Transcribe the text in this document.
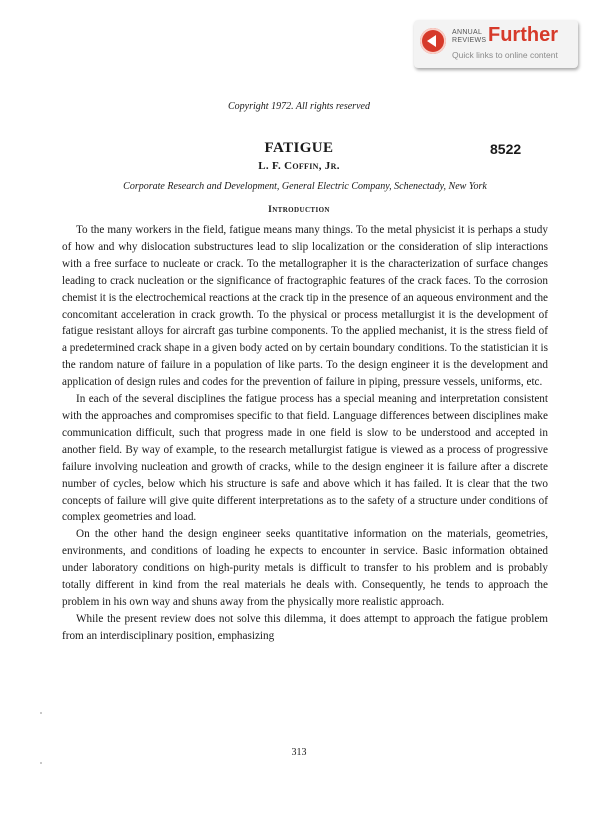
ANNUAL
REVIEWS Further
Quick links to online content
Copyright 1972. All rights reserved
FATIGUE	8522
L. F. Coffin, Jr.
Corporate Research and Development, General Electric Company, Schenectady, New York
Introduction

To the many workers in the field, fatigue means many things. To the metal physicist it is perhaps a study of how and why dislocation substructures lead to slip localization or the consideration of slip interactions with a free surface to nucleate or crack. To the metallographer it is the characterization of surface changes leading to crack nucleation or the significance of fractographic features of the crack faces. To the corrosion chemist it is the electrochemical reactions at the crack tip in the presence of an aqueous environment and the concomitant acceleration in crack growth. To the physical or process metallurgist it is the development of fatigue resistant alloys for aircraft gas turbine components. To the applied mechanist, it is the stress field of a predetermined crack shape in a given body acted on by certain boundary conditions. To the statistician it is the random nature of failure in a population of like parts. To the design engineer it is the development and application of design rules and codes for the prevention of failure in piping, pressure vessels, uniforms, etc.

In each of the several disciplines the fatigue process has a special meaning and interpretation consistent with the approaches and compromises specific to that field. Language differences between disciplines make communication difficult, such that progress made in one field is slow to be understood and accepted in another field. By way of example, to the research metallurgist fatigue is viewed as a process of progressive failure involving nucleation and growth of cracks, while to the design engineer it is failure after a discrete number of cycles, below which his structure is safe and above which it has failed. It is clear that the two concepts of failure will give quite different interpretations as to the safety of a structure under conditions of complex geometries and load.

On the other hand the design engineer seeks quantitative information on the materials, geometries, environments, and conditions of loading he expects to encounter in service. Basic information obtained under laboratory conditions on high-purity metals is difficult to transfer to his problem and is probably totally different in kind from the real materials he deals with. Consequently, he tends to approach the problem in his own way and shuns away from the physically more realistic approach.

While the present review does not solve this dilemma, it does attempt to approach the fatigue problem from an interdisciplinary position, emphasizing

313
